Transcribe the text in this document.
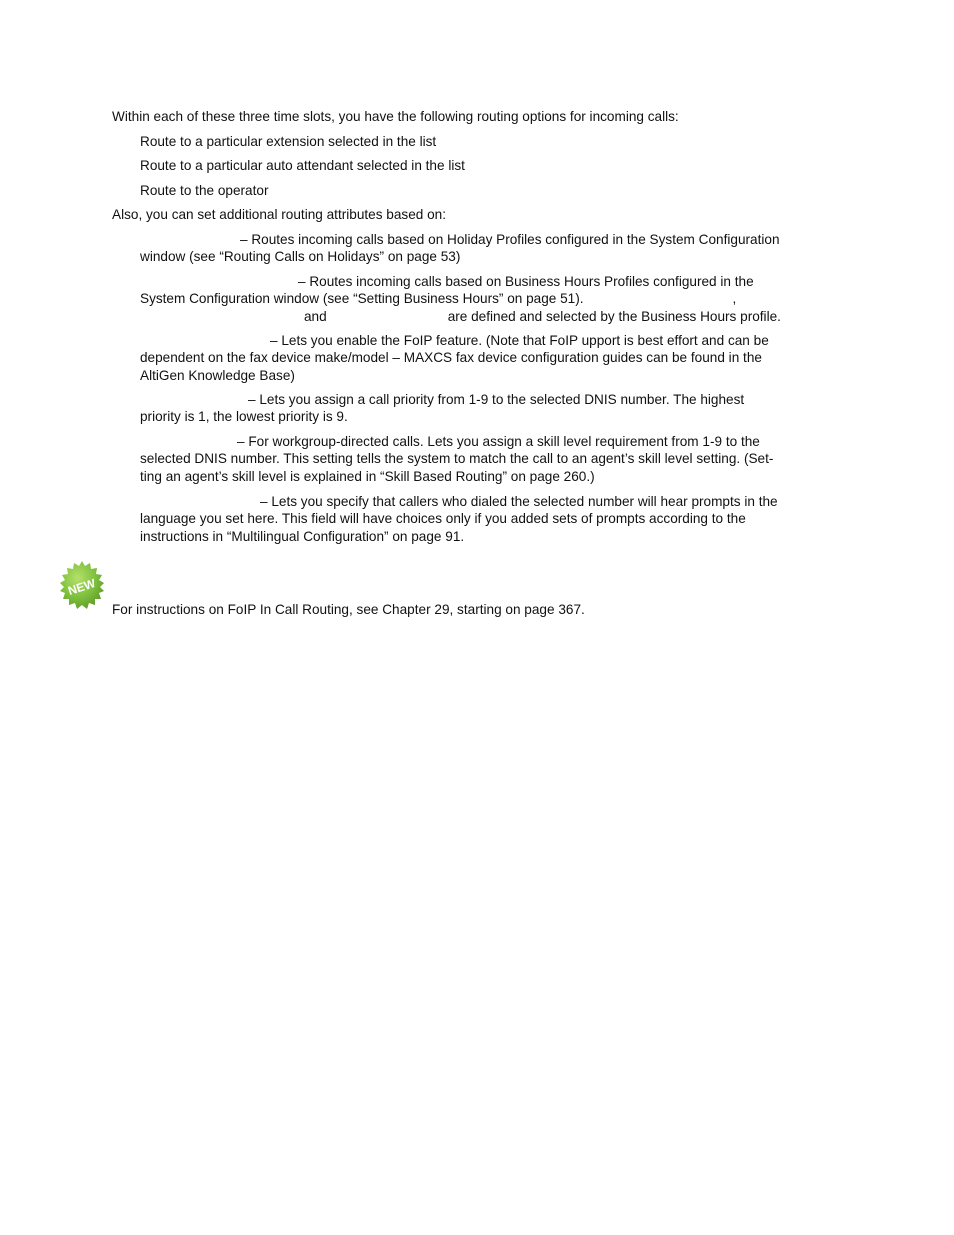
Within each of these three time slots, you have the following routing options for incoming calls:

Route to a particular extension selected in the list

Route to a particular auto attendant selected in the list

Route to the operator

Also, you can set additional routing attributes based on:

– Routes incoming calls based on Holiday Profiles configured in the System Configuration
window (see “Routing Calls on Holidays” on page 53)
– Routes incoming calls based on Business Hours Profiles configured in the
System Configuration window (see “Setting Business Hours” on page 51).	,
and	are defined and selected by the Business Hours profile.
– Lets you enable the FoIP feature. (Note that FoIP upport is best effort and can be
dependent on the fax device make/model – MAXCS fax device configuration guides can be found in the
AltiGen Knowledge Base)
– Lets you assign a call priority from 1-9 to the selected DNIS number. The highest
priority is 1, the lowest priority is 9.
– For workgroup-directed calls. Lets you assign a skill level requirement from 1-9 to the
selected DNIS number. This setting tells the system to match the call to an agent’s skill level setting. (Set-
ting an agent’s skill level is explained in “Skill Based Routing” on page 260.)
– Lets you specify that callers who dialed the selected number will hear prompts in the
language you set here. This field will have choices only if you added sets of prompts according to the
instructions in “Multilingual Configuration” on page 91.
NEW

For instructions on FoIP In Call Routing, see Chapter 29, starting on page 367.
